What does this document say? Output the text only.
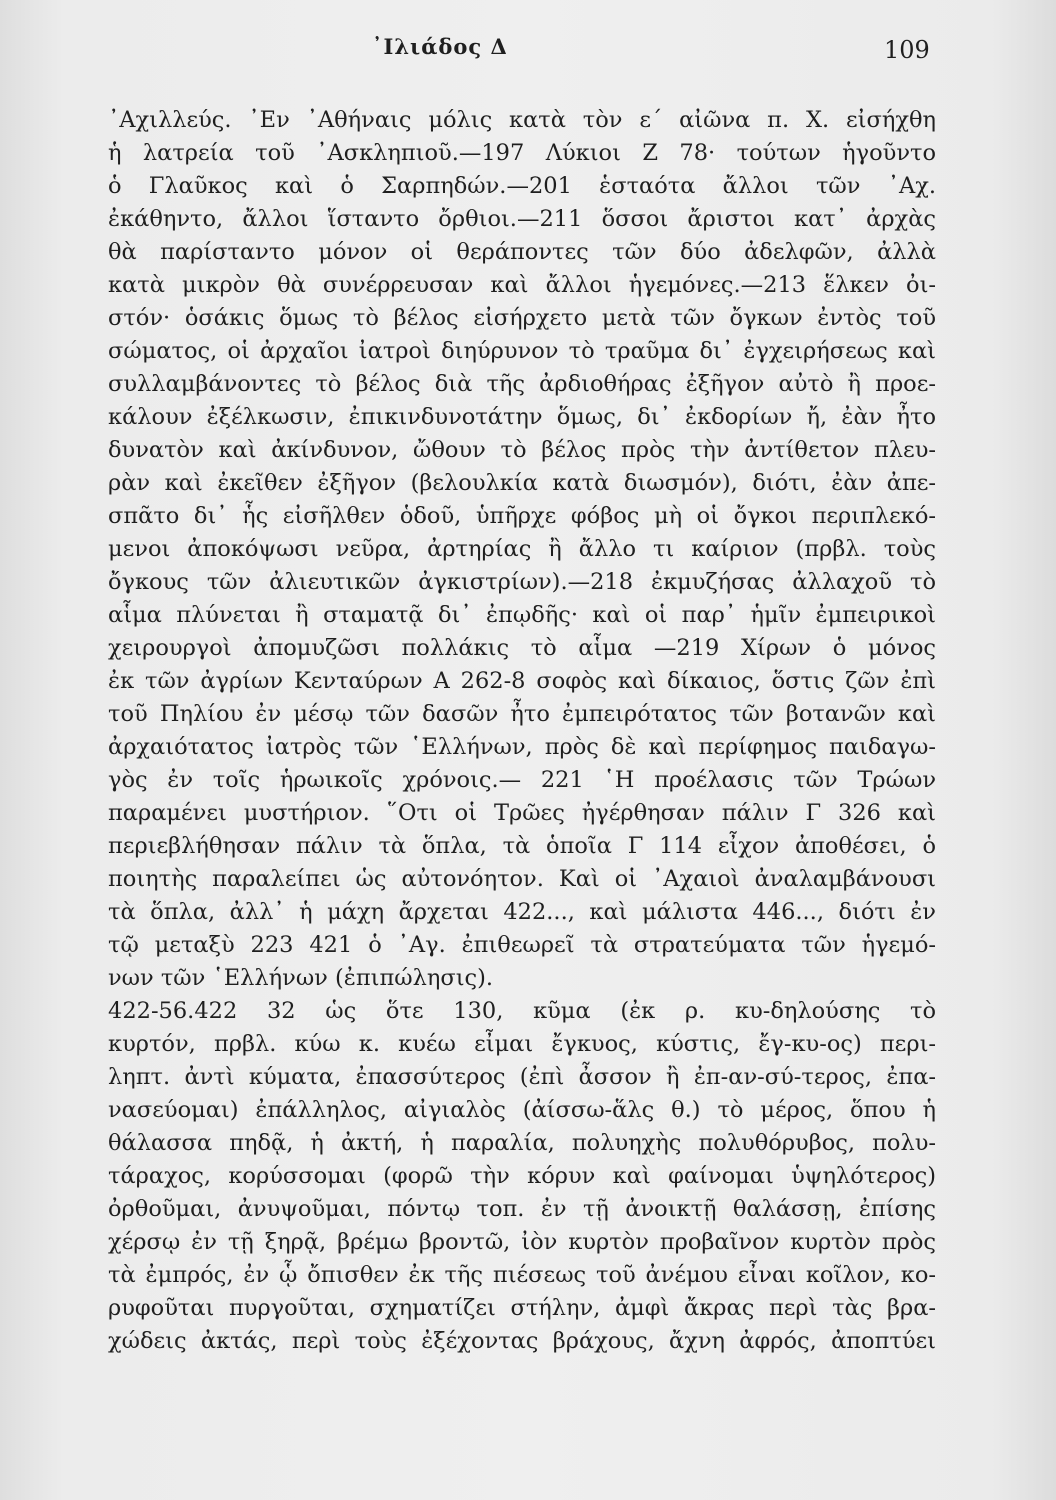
᾽Ιλιάδος Δ	109
᾽Αχιλλεύς. ᾽Εν ᾽Αθήναις μόλις κατὰ τὸν ε΄ αἰῶνα π. Χ. εἰσήχθη
ἡ λατρεία τοῦ ᾽Ασκληπιοῦ.—197 Λύκιοι Ζ 78· τούτων ἡγοῦντο
ὁ Γλαῦκος καὶ ὁ Σαρπηδών.—201 ἑσταότα ἄλλοι τῶν ᾽Αχ.
ἐκάθηντο, ἄλλοι ἵσταντο ὄρθιοι.—211 ὅσσοι ἄριστοι κατ᾽ ἀρχὰς
θὰ παρίσταντο μόνον οἱ θεράποντες τῶν δύο ἀδελφῶν, ἀλλὰ
κατὰ μικρὸν θὰ συνέρρευσαν καὶ ἄλλοι ἡγεμόνες.—213 ἕλκεν ὀι-
στόν· ὁσάκις ὅμως τὸ βέλος εἰσήρχετο μετὰ τῶν ὄγκων ἐντὸς τοῦ
σώματος, οἱ ἀρχαῖοι ἰατροὶ διηύρυνον τὸ τραῦμα δι᾽ ἐγχειρήσεως καὶ
συλλαμβάνοντες τὸ βέλος διὰ τῆς ἀρδιοθήρας ἐξῆγον αὐτὸ ἢ προε-
κάλουν ἐξέλκωσιν, ἐπικινδυνοτάτην ὅμως, δι᾽ ἐκδορίων ἤ, ἐὰν ἦτο
δυνατὸν καὶ ἀκίνδυνον, ὤθουν τὸ βέλος πρὸς τὴν ἀντίθετον πλευ-
ρὰν καὶ ἐκεῖθεν ἐξῆγον (βελουλκία κατὰ διωσμόν), διότι, ἐὰν ἀπε-
σπᾶτο δι᾽ ἧς εἰσῆλθεν ὁδοῦ, ὑπῆρχε φόβος μὴ οἱ ὄγκοι περιπλεκό-
μενοι ἀποκόψωσι νεῦρα, ἀρτηρίας ἢ ἄλλο τι καίριον (πρβλ. τοὺς
ὄγκους τῶν ἀλιευτικῶν ἀγκιστρίων).—218 ἐκμυζήσας ἀλλαχοῦ τὸ
αἷμα πλύνεται ἢ σταματᾷ δι᾽ ἐπῳδῆς· καὶ οἱ παρ᾽ ἡμῖν ἐμπειρικοὶ
χειρουργοὶ ἀπομυζῶσι πολλάκις τὸ αἷμα —219 Χίρων ὁ μόνος
ἐκ τῶν ἀγρίων Κενταύρων Α 262-8 σοφὸς καὶ δίκαιος, ὅστις ζῶν ἐπὶ
τοῦ Πηλίου ἐν μέσῳ τῶν δασῶν ἦτο ἐμπειρότατος τῶν βοτανῶν καὶ
ἀρχαιότατος ἰατρὸς τῶν ῾Ελλήνων, πρὸς δὲ καὶ περίφημος παιδαγω-
γὸς ἐν τοῖς ἡρωικοῖς χρόνοις.— 221 ῾Η προέλασις τῶν Τρώων
παραμένει μυστήριον. ῞Οτι οἱ Τρῶες ἠγέρθησαν πάλιν Γ 326 καὶ
περιεβλήθησαν πάλιν τὰ ὅπλα, τὰ ὁποῖα Γ 114 εἶχον ἀποθέσει, ὁ
ποιητὴς παραλείπει ὡς αὐτονόητον. Καὶ οἱ ᾽Αχαιοὶ ἀναλαμβάνουσι
τὰ ὅπλα, ἀλλ᾽ ἡ μάχη ἄρχεται 422..., καὶ μάλιστα 446..., διότι ἐν
τῷ μεταξὺ 223 421 ὁ ᾽Αγ. ἐπιθεωρεῖ τὰ στρατεύματα τῶν ἡγεμό-
νων τῶν ῾Ελλήνων (ἐπιπώλησις).
422-56.422 32 ὡς ὅτε 130, κῦμα (ἐκ ρ. κυ-δηλούσης τὸ
κυρτόν, πρβλ. κύω κ. κυέω εἶμαι ἔγκυος, κύστις, ἔγ-κυ-ος) περι-
ληπτ. ἀντὶ κύματα, ἐπασσύτερος (ἐπὶ ἆσσον ἢ ἐπ-αν-σύ-τερος, ἐπα-
νασεύομαι) ἐπάλληλος, αἰγιαλὸς (ἀίσσω-ἅλς θ.) τὸ μέρος, ὅπου ἡ
θάλασσα πηδᾷ, ἡ ἀκτή, ἡ παραλία, πολυηχὴς πολυθόρυβος, πολυ-
τάραχος, κορύσσομαι (φορῶ τὴν κόρυν καὶ φαίνομαι ὑψηλότερος)
ὀρθοῦμαι, ἀνυψοῦμαι, πόντῳ τοπ. ἐν τῇ ἀνοικτῇ θαλάσσῃ, ἐπίσης
χέρσῳ ἐν τῇ ξηρᾷ, βρέμω βροντῶ, ἰὸν κυρτὸν προβαῖνον κυρτὸν πρὸς
τὰ ἐμπρός, ἐν ᾧ ὄπισθεν ἐκ τῆς πιέσεως τοῦ ἀνέμου εἶναι κοῖλον, κο-
ρυφοῦται πυργοῦται, σχηματίζει στήλην, ἀμφὶ ἄκρας περὶ τὰς βρα-
χώδεις ἀκτάς, περὶ τοὺς ἐξέχοντας βράχους, ἄχνη ἀφρός, ἀποπτύει
